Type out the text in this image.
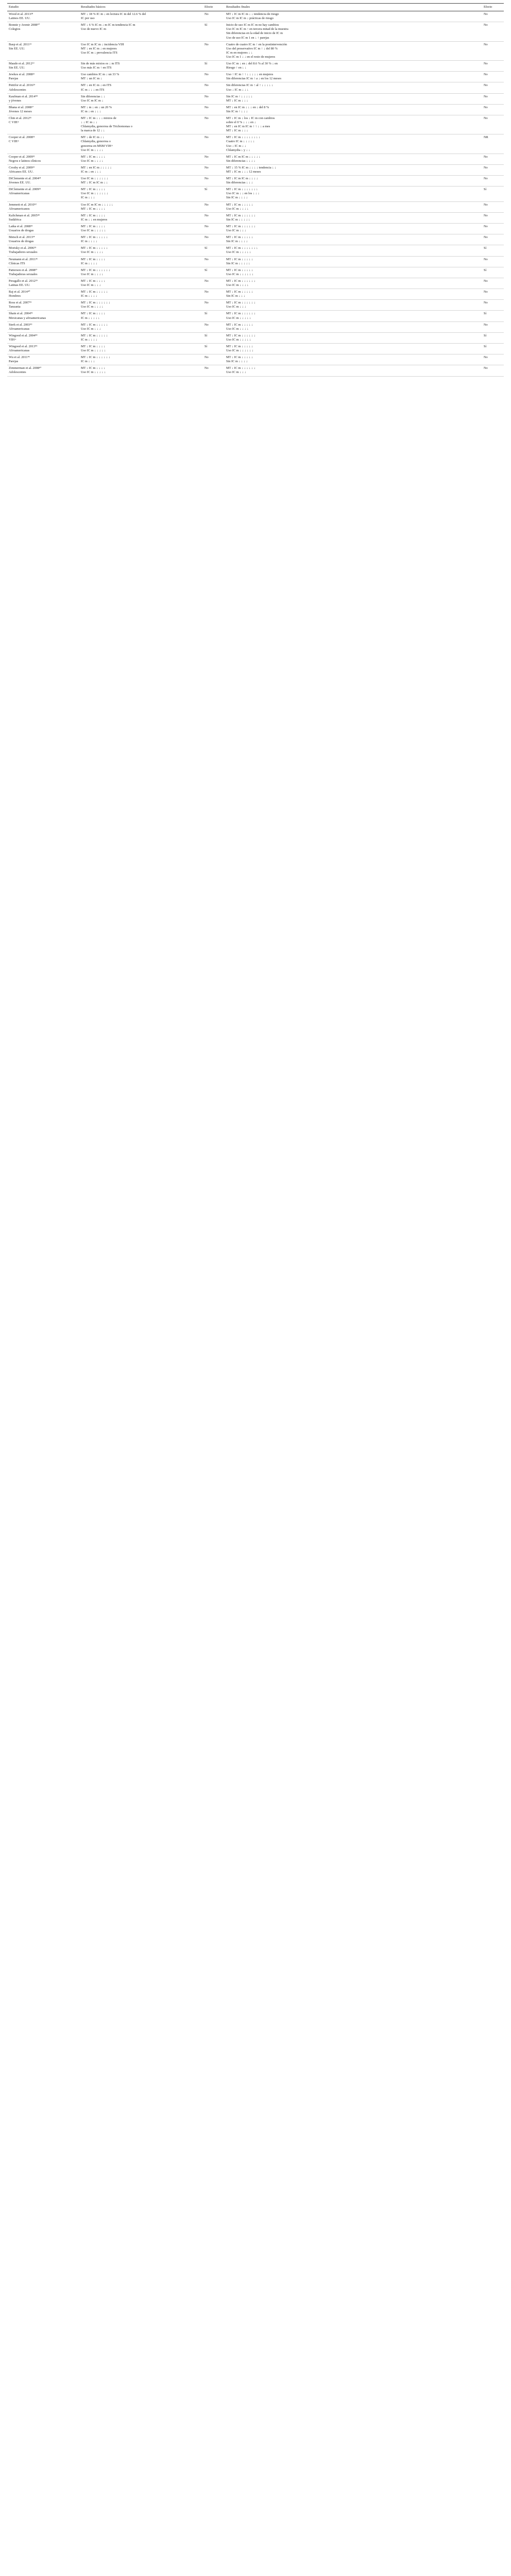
Estudio	Resultados básicos	Efecto	Resultados finales	Efecto

Wood et al. 2013²⁸
Latinos EE. UU.	MT ↓ 18 % IC m ↓ en lectura IC m del 12.6 % del
IC por uso	No	MT ↓ IC m IC m ↓ ↓ tendencia de riesgo
Uso IC m IC m ↓ prácticas de riesgo	No

Bonnie y Avenir 2008⁵⁰
Colegios	MT ↓ 6 % IC m ↓ m IC m tendencia IC m
Uso de nuevo IC m	Sí	Inicio de uso IC m IC m no hay cambios
Uso IC m IC m ↑ en tercera mitad de la muestra
Sin diferencias en la edad de inicio de IC m
Uso de uso IC m 1 en ↓ ↑ parejas	No

Basp et al. 2011²¹
Sin EE. UU.	Uso IC m IC m ↓ incidencia VIH
MT ↓ en IC m ↓ en mujeres
Uso IC m ↓ prevalencia ITS	No	Cuatro de cuatro IC m ↑ en la postintervención
Uso del preservativo IC m ↑ ↓ del 80 %
IC m en mujeres ↓ ↓
Uso IC m 1 ↓ ↓ en el resto de mujeres	No

Maude et al. 2012¹⁹
Sin EE. UU.	Sin de más mixtos es ↓ m ITS
Uso más IC m ↑ en ITS	Sí	Uso IC m ↓ en ↓ del 8.6 % al 30 % ↓ en
Riesgo ↑ en ↓ ↓	No

Jewkes et al. 2008²²
Parejas	Uso cambios IC m ↓ un 33 %
MT ↓ un IC m ↓	No	Uso ↑ IC m ↑ ↑ ↓ ↓ ↓ ↓ ↓ en mujeres
Sin diferencias IC m ↑ a ↓ en los 12 meses	No

Pettifor et al. 2016²⁹
Adolescentes	MT ↓ en IC m ↓ en ITS
IC m ↓ ↓ ↓ en ITS	No	Sin diferencias IC m ↑ al ↑ ↓ ↓ ↓ ↓ ↓
Uso ↓ IC m ↓ ↓ ↓	No

Kaufman et al. 2014⁴⁸
y jóvenes	Sin diferencias ↓ ↓
Uso IC m IC m ↓	No	Sin IC m ↑ ↓ ↓ ↓ ↓ ↓
MT ↓ IC m ↓ ↓ ↓	No

Bhana et al. 2008¹⁷
Jóvenes 12 meses	MT ↓ m ↓ en ↓ un 20 %
IC m ↓ en ↓ ↓ ↓	No	MT ↓ en IC m ↓ ↓ ↓ en ↓ del 8 %
Sin IC m ↑ ↓ ↓ ↓	No

Chin et al. 2012³¹
C VIH+	MT ↓ IC m ↓ ↓ ↓ mixtos de
↓ ↓ IC m ↓ ↓
Chlamydia, gonorrea de Trichomonas o
la marca de 12 ↓ ↓	No	MT ↓ IC m ↓ los ↓ IC m con cambios
sobre el 0 % ↓ ↓ ↓ en ↓
MT ↓ en IC m IC m ↑ ↑ ↓ ↓ a mes
MT ↓ IC m ↓ ↓ ↓	No

Cooper et al. 2008⁵¹
C VIH+	MT ↓ de IC m ↓ ↓
Chlamydia, gonorrea o
gonorrea en MSM VIH+
Uso IC m ↓ ↓ ↓ ↓	No	MT ↓ IC m ↓ ↓ ↓ ↓ ↓ ↓ ↓ ↓
Cuatro IC m ↓ ↓ ↓ ↓ ↓
Uso ↓ IC m ↓ ↓
Chlamydia ↓ y ↓ ↓	NR

Cooper et al. 2009³²
Negros e latinos clínicos	MT ↓ IC m ↓ ↓ ↓ ↓
Uso IC m ↓ ↓ ↓ ↓	No	MT ↓ IC m IC m ↓ ↓ ↓ ↓ ↓
Sin diferencias ↓ ↓ ↓ ↓	No

Crosby et al. 2009²³
Africanos EE. UU.	MT ↓ en IC m ↓ ↓ ↓ ↓ ↓
IC m ↓ en ↓ ↓ ↓	No	MT ↓ 15 % IC m ↓ ↓ ↓ ↓ tendencia ↓ ↓
MT ↓ IC m ↓ ↓ ↓ 12 meses	No

DiClemente et al. 2004²⁴
Jóvenes EE. UU.	Uso IC m ↓ ↓ ↓ ↓ ↓ ↓
MT ↓ IC m IC m ↓ ↓	No	MT ↓ IC m IC m ↓ ↓ ↓ ↓
Sin diferencias ↓ ↓ ↓	No

DiClemente et al. 2009²⁵
Afroamericanas	MT ↓ IC m ↓ ↓ ↓ ↓
Uso IC m ↓ ↓ ↓ ↓ ↓ ↓
IC m ↓ ↓ ↓	Sí	MT ↓ IC m ↓ ↓ ↓ ↓ ↓ ↓ ↓
Uso IC m ↓ ↓ en los ↓ ↓ ↓
Sin IC m ↓ ↓ ↓ ↓	Sí

Jemmott et al. 2010⁵²
Afroamericanos	Uso IC m IC m ↓ ↓ ↓ ↓ ↓
MT ↓ IC m ↓ ↓ ↓ ↓	No	MT ↓ IC m ↓ ↓ ↓ ↓ ↓
Uso IC m ↓ ↓ ↓ ↓	No

Kalichman et al. 2005³⁸
Sudáfrica	MT ↓ IC m ↓ ↓ ↓ ↓
IC m ↓ ↓ en mujeres	No	MT ↓ IC m ↓ ↓ ↓ ↓ ↓ ↓
Sin IC m ↓ ↓ ↓ ↓ ↓	No

Latka et al. 2008³³
Usuarios de drogas	MT ↓ IC m ↓ ↓ ↓ ↓
Uso IC m ↓ ↓ ↓ ↓ ↓	No	MT ↓ IC m ↓ ↓ ↓ ↓ ↓ ↓
Uso IC m ↓ ↓ ↓	No

Metsch et al. 2013³⁴
Usuarios de drogas	MT ↓ IC m ↓ ↓ ↓ ↓ ↓
IC m ↓ ↓ ↓ ↓	No	MT ↓ IC m ↓ ↓ ↓ ↓ ↓
Sin IC m ↓ ↓ ↓ ↓	No

Morisky et al. 2006³⁵
Trabajadores sexuales	MT ↓ IC m ↓ ↓ ↓ ↓ ↓
Uso IC m ↓ ↓ ↓ ↓	Sí	MT ↓ IC m ↓ ↓ ↓ ↓ ↓ ↓ ↓
Uso IC m ↓ ↓ ↓ ↓ ↓	Sí

Neumann et al. 2011³⁶
Clínicas ITS	MT ↓ IC m ↓ ↓ ↓ ↓
IC m ↓ ↓ ↓ ↓	No	MT ↓ IC m ↓ ↓ ↓ ↓ ↓
Sin IC m ↓ ↓ ↓ ↓ ↓	No

Patterson et al. 2008³⁷
Trabajadoras sexuales	MT ↓ IC m ↓ ↓ ↓ ↓ ↓ ↓
Uso IC m ↓ ↓ ↓ ↓	Sí	MT ↓ IC m ↓ ↓ ↓ ↓ ↓
Uso IC m ↓ ↓ ↓ ↓ ↓ ↓	Sí

Peragallo et al. 2012³⁹
Latinas EE. UU.	MT ↓ IC m ↓ ↓ ↓ ↓
Uso IC m ↓ ↓ ↓	No	MT ↓ IC m ↓ ↓ ↓ ↓ ↓ ↓
Uso IC m ↓ ↓ ↓ ↓	No

Raj et al. 2014⁴⁰
Hombres	MT ↓ IC m ↓ ↓ ↓ ↓ ↓
IC m ↓ ↓ ↓ ↓	No	MT ↓ IC m ↓ ↓ ↓ ↓ ↓
Sin IC m ↓ ↓ ↓	No

Ross et al. 2007⁴¹
Tanzania	MT ↓ IC m ↓ ↓ ↓ ↓ ↓ ↓
Uso IC m ↓ ↓ ↓ ↓	No	MT ↓ IC m ↓ ↓ ↓ ↓ ↓ ↓
Uso IC m ↓ ↓ ↓	No

Shain et al. 2004⁴²
Mexicanas y afroamericanas	MT ↓ IC m ↓ ↓ ↓ ↓
IC m ↓ ↓ ↓ ↓ ↓	Sí	MT ↓ IC m ↓ ↓ ↓ ↓ ↓ ↓
Uso IC m ↓ ↓ ↓ ↓ ↓	Sí

Sterk et al. 2003⁴³
Afroamericanas	MT ↓ IC m ↓ ↓ ↓ ↓ ↓
Uso IC m ↓ ↓ ↓	No	MT ↓ IC m ↓ ↓ ↓ ↓ ↓
Uso IC m ↓ ↓ ↓ ↓	No

Wingood et al. 2004⁴⁴
VIH+	MT ↓ IC m ↓ ↓ ↓ ↓ ↓
IC m ↓ ↓ ↓ ↓	Sí	MT ↓ IC m ↓ ↓ ↓ ↓ ↓ ↓
Uso IC m ↓ ↓ ↓ ↓ ↓	Sí

Wingood et al. 2013⁴⁵
Afroamericanas	MT ↓ IC m ↓ ↓ ↓ ↓
Uso IC m ↓ ↓ ↓ ↓ ↓	Sí	MT ↓ IC m ↓ ↓ ↓ ↓ ↓
Uso IC m ↓ ↓ ↓ ↓ ↓ ↓	Sí

Wu et al. 2011⁴⁶
Parejas	MT ↓ IC m ↓ ↓ ↓ ↓ ↓ ↓
IC m ↓ ↓ ↓	No	MT ↓ IC m ↓ ↓ ↓ ↓ ↓
Sin IC m ↓ ↓ ↓ ↓	No

Zimmerman et al. 2008⁴⁷
Adolescentes	MT ↓ IC m ↓ ↓ ↓ ↓
Uso IC m ↓ ↓ ↓ ↓ ↓	No	MT ↓ IC m ↓ ↓ ↓ ↓ ↓ ↓
Uso IC m ↓ ↓ ↓	No
